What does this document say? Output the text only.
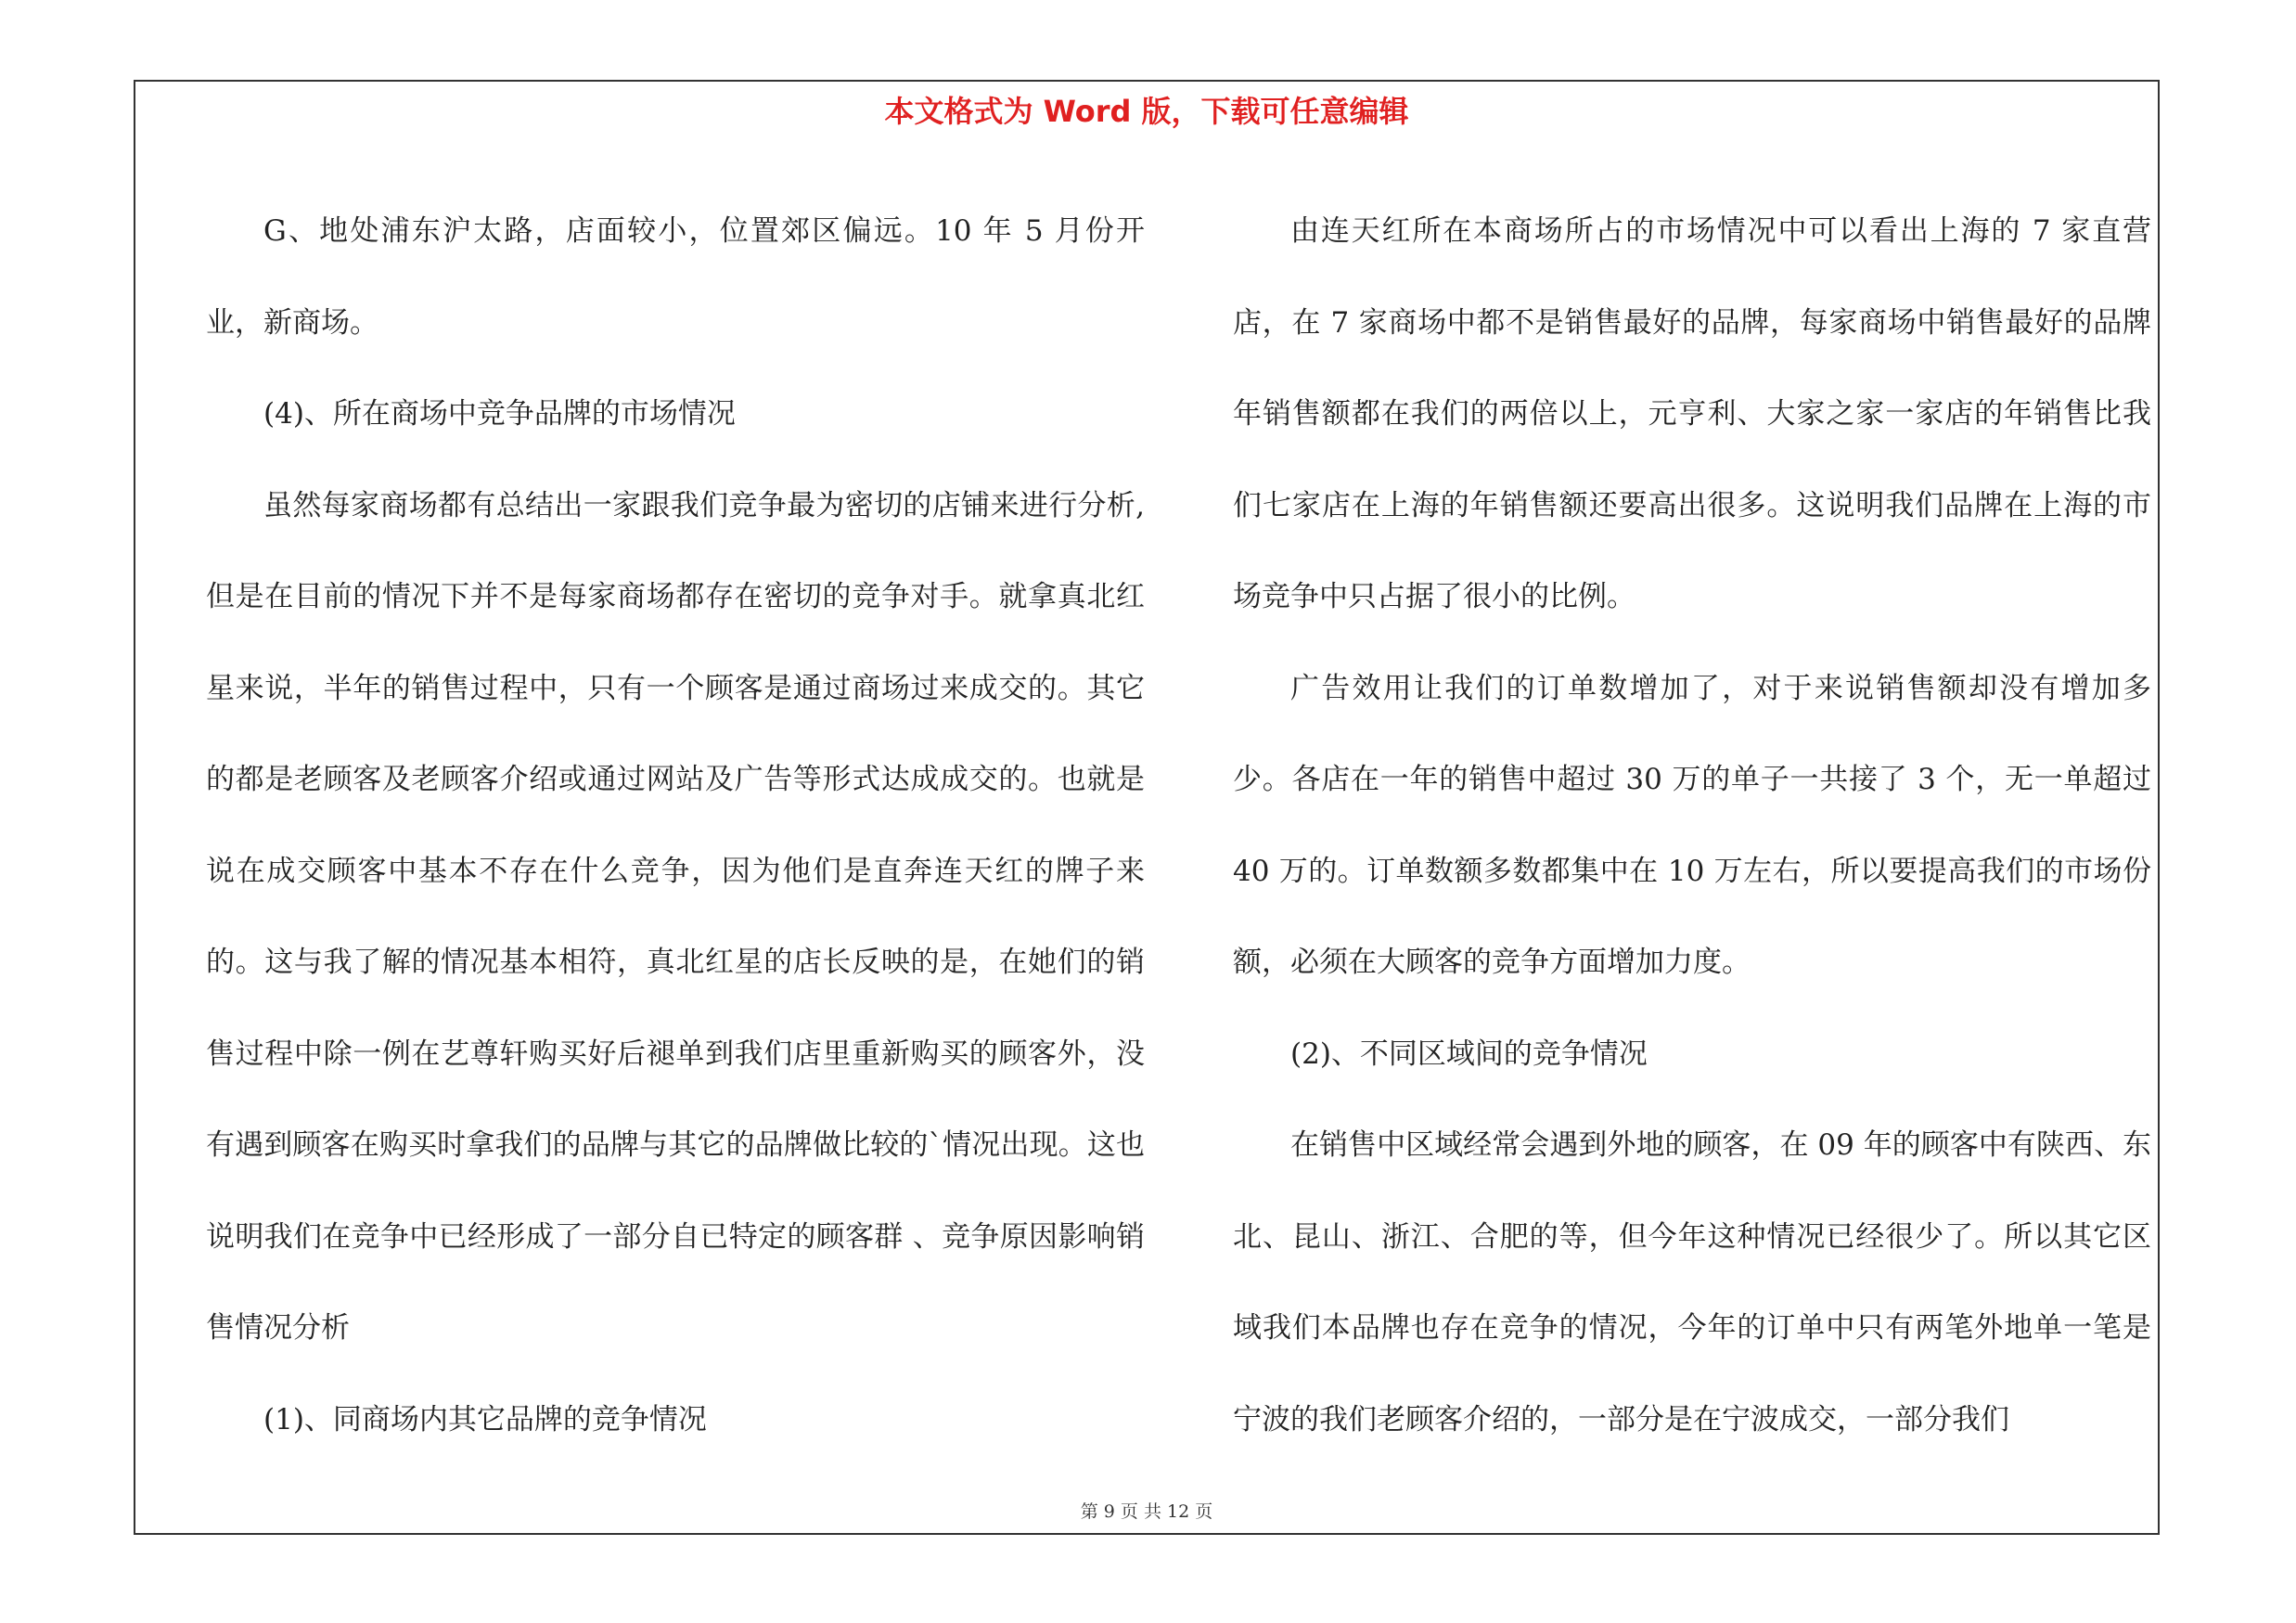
本文格式为 Word 版，下载可任意编辑

G、地处浦东沪太路，店面较小，位置郊区偏远。10 年 5 月份开业，新商场。

(4)、所在商场中竞争品牌的市场情况

虽然每家商场都有总结出一家跟我们竞争最为密切的店铺来进行分析,但是在目前的情况下并不是每家商场都存在密切的竞争对手。就拿真北红星来说，半年的销售过程中，只有一个顾客是通过商场过来成交的。其它的都是老顾客及老顾客介绍或通过网站及广告等形式达成成交的。也就是说在成交顾客中基本不存在什么竞争，因为他们是直奔连天红的牌子来的。这与我了解的情况基本相符，真北红星的店长反映的是，在她们的销售过程中除一例在艺尊轩购买好后褪单到我们店里重新购买的顾客外，没有遇到顾客在购买时拿我们的品牌与其它的品牌做比较的`情况出现。这也说明我们在竞争中已经形成了一部分自已特定的顾客群 、竞争原因影响销售情况分析

(1)、同商场内其它品牌的竞争情况

由连天红所在本商场所占的市场情况中可以看出上海的 7 家直营店，在 7 家商场中都不是销售最好的品牌，每家商场中销售最好的品牌年销售额都在我们的两倍以上，元亨利、大家之家一家店的年销售比我们七家店在上海的年销售额还要高出很多。这说明我们品牌在上海的市场竞争中只占据了很小的比例。

广告效用让我们的订单数增加了，对于来说销售额却没有增加多少。各店在一年的销售中超过 30 万的单子一共接了 3 个，无一单超过 40 万的。订单数额多数都集中在 10 万左右，所以要提高我们的市场份额，必须在大顾客的竞争方面增加力度。

(2)、不同区域间的竞争情况

在销售中区域经常会遇到外地的顾客，在 09 年的顾客中有陕西、东北、昆山、浙江、合肥的等，但今年这种情况已经很少了。所以其它区域我们本品牌也存在竞争的情况，今年的订单中只有两笔外地单一笔是宁波的我们老顾客介绍的，一部分是在宁波成交，一部分我们

第 9 页 共 12 页
